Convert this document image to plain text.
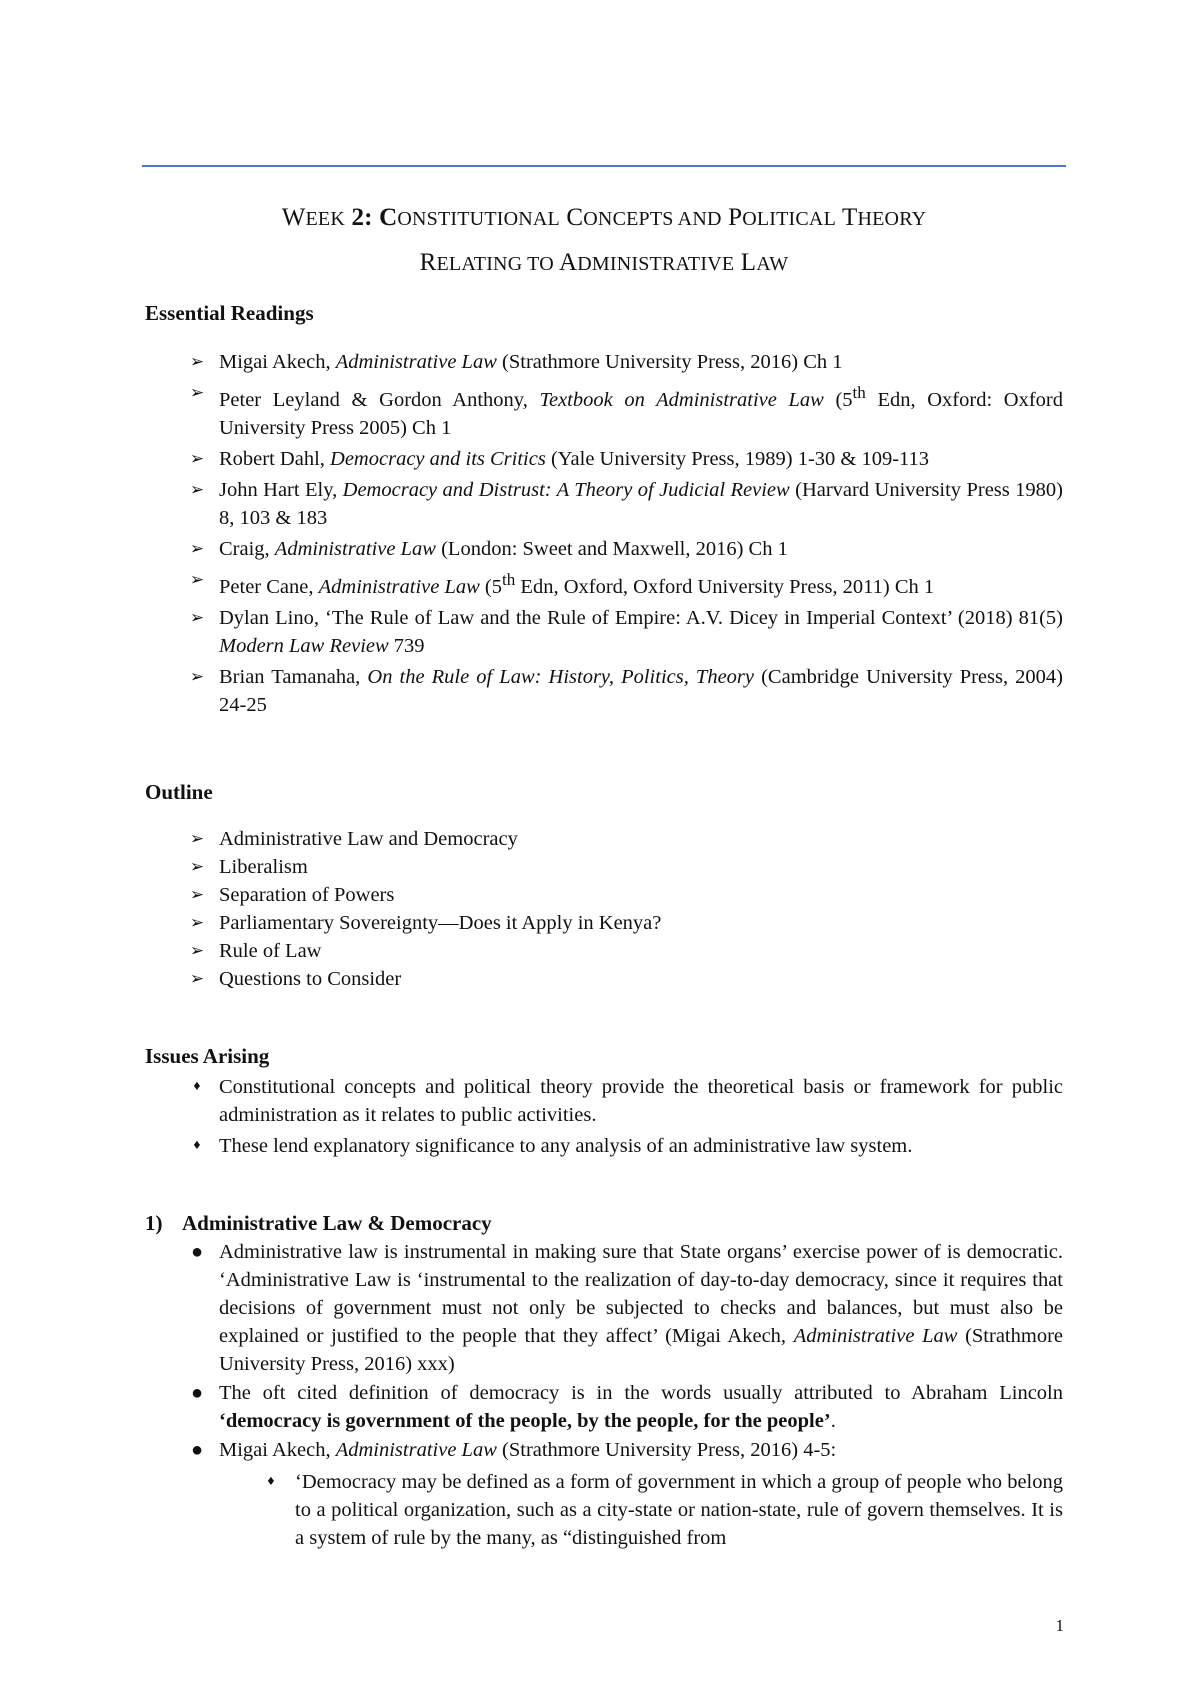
WEEK 2: CONSTITUTIONAL CONCEPTS AND POLITICAL THEORY
RELATING TO ADMINISTRATIVE LAW
Essential Readings
➢ Migai Akech, Administrative Law (Strathmore University Press, 2016) Ch 1
➢ Peter Leyland & Gordon Anthony, Textbook on Administrative Law (5th Edn, Oxford: Oxford University Press 2005) Ch 1
➢ Robert Dahl, Democracy and its Critics (Yale University Press, 1989) 1-30 & 109-113
➢ John Hart Ely, Democracy and Distrust: A Theory of Judicial Review (Harvard University Press 1980) 8, 103 & 183
➢ Craig, Administrative Law (London: Sweet and Maxwell, 2016) Ch 1
➢ Peter Cane, Administrative Law (5th Edn, Oxford, Oxford University Press, 2011) Ch 1
➢ Dylan Lino, ‘The Rule of Law and the Rule of Empire: A.V. Dicey in Imperial Context’ (2018) 81(5) Modern Law Review 739
➢ Brian Tamanaha, On the Rule of Law: History, Politics, Theory (Cambridge University Press, 2004) 24-25
Outline
➢ Administrative Law and Democracy
➢ Liberalism
➢ Separation of Powers
➢ Parliamentary Sovereignty—Does it Apply in Kenya?
➢ Rule of Law
➢ Questions to Consider
Issues Arising
♦ Constitutional concepts and political theory provide the theoretical basis or framework for public administration as it relates to public activities.
♦ These lend explanatory significance to any analysis of an administrative law system.
1) Administrative Law & Democracy
● Administrative law is instrumental in making sure that State organs’ exercise power of is democratic. ‘Administrative Law is ‘instrumental to the realization of day-to-day democracy, since it requires that decisions of government must not only be subjected to checks and balances, but must also be explained or justified to the people that they affect’ (Migai Akech, Administrative Law (Strathmore University Press, 2016) xxx)
● The oft cited definition of democracy is in the words usually attributed to Abraham Lincoln ‘democracy is government of the people, by the people, for the people’.
● Migai Akech, Administrative Law (Strathmore University Press, 2016) 4-5:
♦ ‘Democracy may be defined as a form of government in which a group of people who belong to a political organization, such as a city-state or nation-state, rule of govern themselves. It is a system of rule by the many, as “distinguished from
1
